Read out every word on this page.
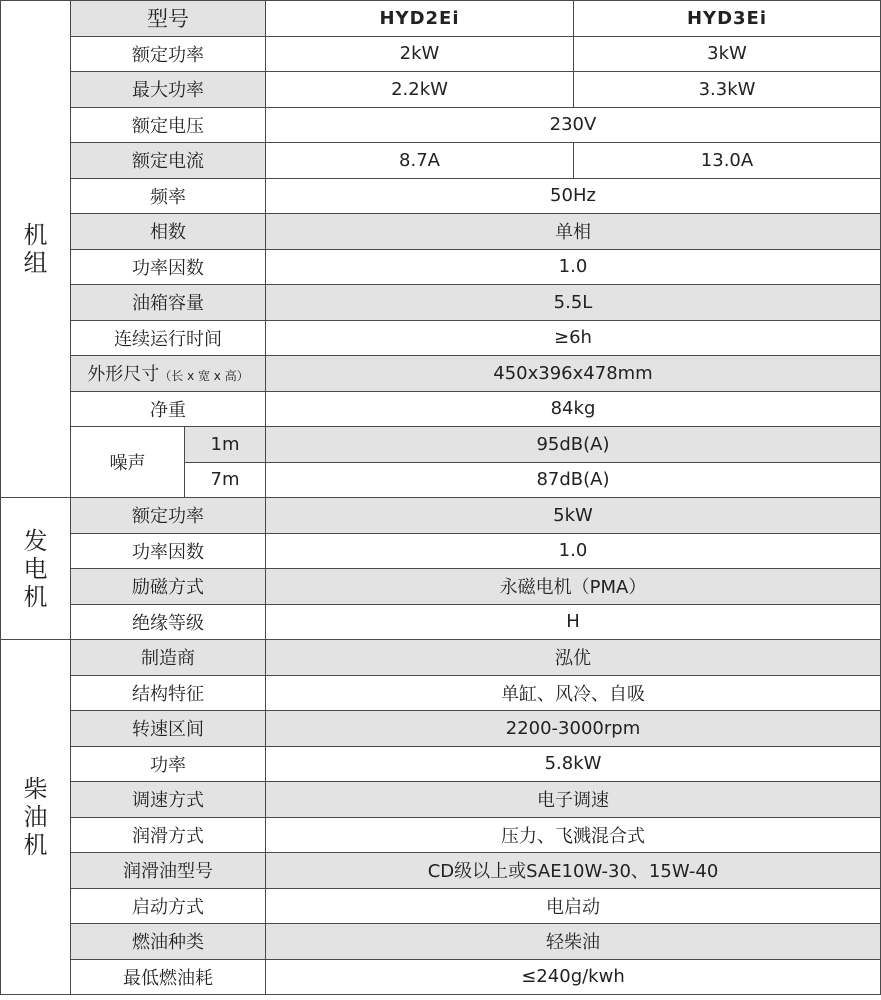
机
组	型号		HYD2Ei	HYD3Ei
	额定功率		2kW	3kW
	最大功率		2.2kW	3.3kW
	额定电压		230V	
	额定电流		8.7A	13.0A
	频率		50Hz	
	相数		单相	
	功率因数		1.0	
	油箱容量		5.5L	
	连续运行时间		≥6h	
	外形尺寸（长 x 宽 x 高）		450x396x478mm	
	净重		84kg	
	噪声	1m	95dB(A)	
		7m	87dB(A)	

发
电
机	额定功率		5kW	
	功率因数		1.0	
	励磁方式		永磁电机（PMA）	
	绝缘等级		H	

柴
油
机	制造商		泓优	
	结构特征		单缸、风冷、自吸	
	转速区间		2200-3000rpm	
	功率		5.8kW	
	调速方式		电子调速	
	润滑方式		压力、飞溅混合式	
	润滑油型号		CD级以上或SAE10W-30、15W-40	
	启动方式		电启动	
	燃油种类		轻柴油	
	最低燃油耗		≤240g/kwh	
